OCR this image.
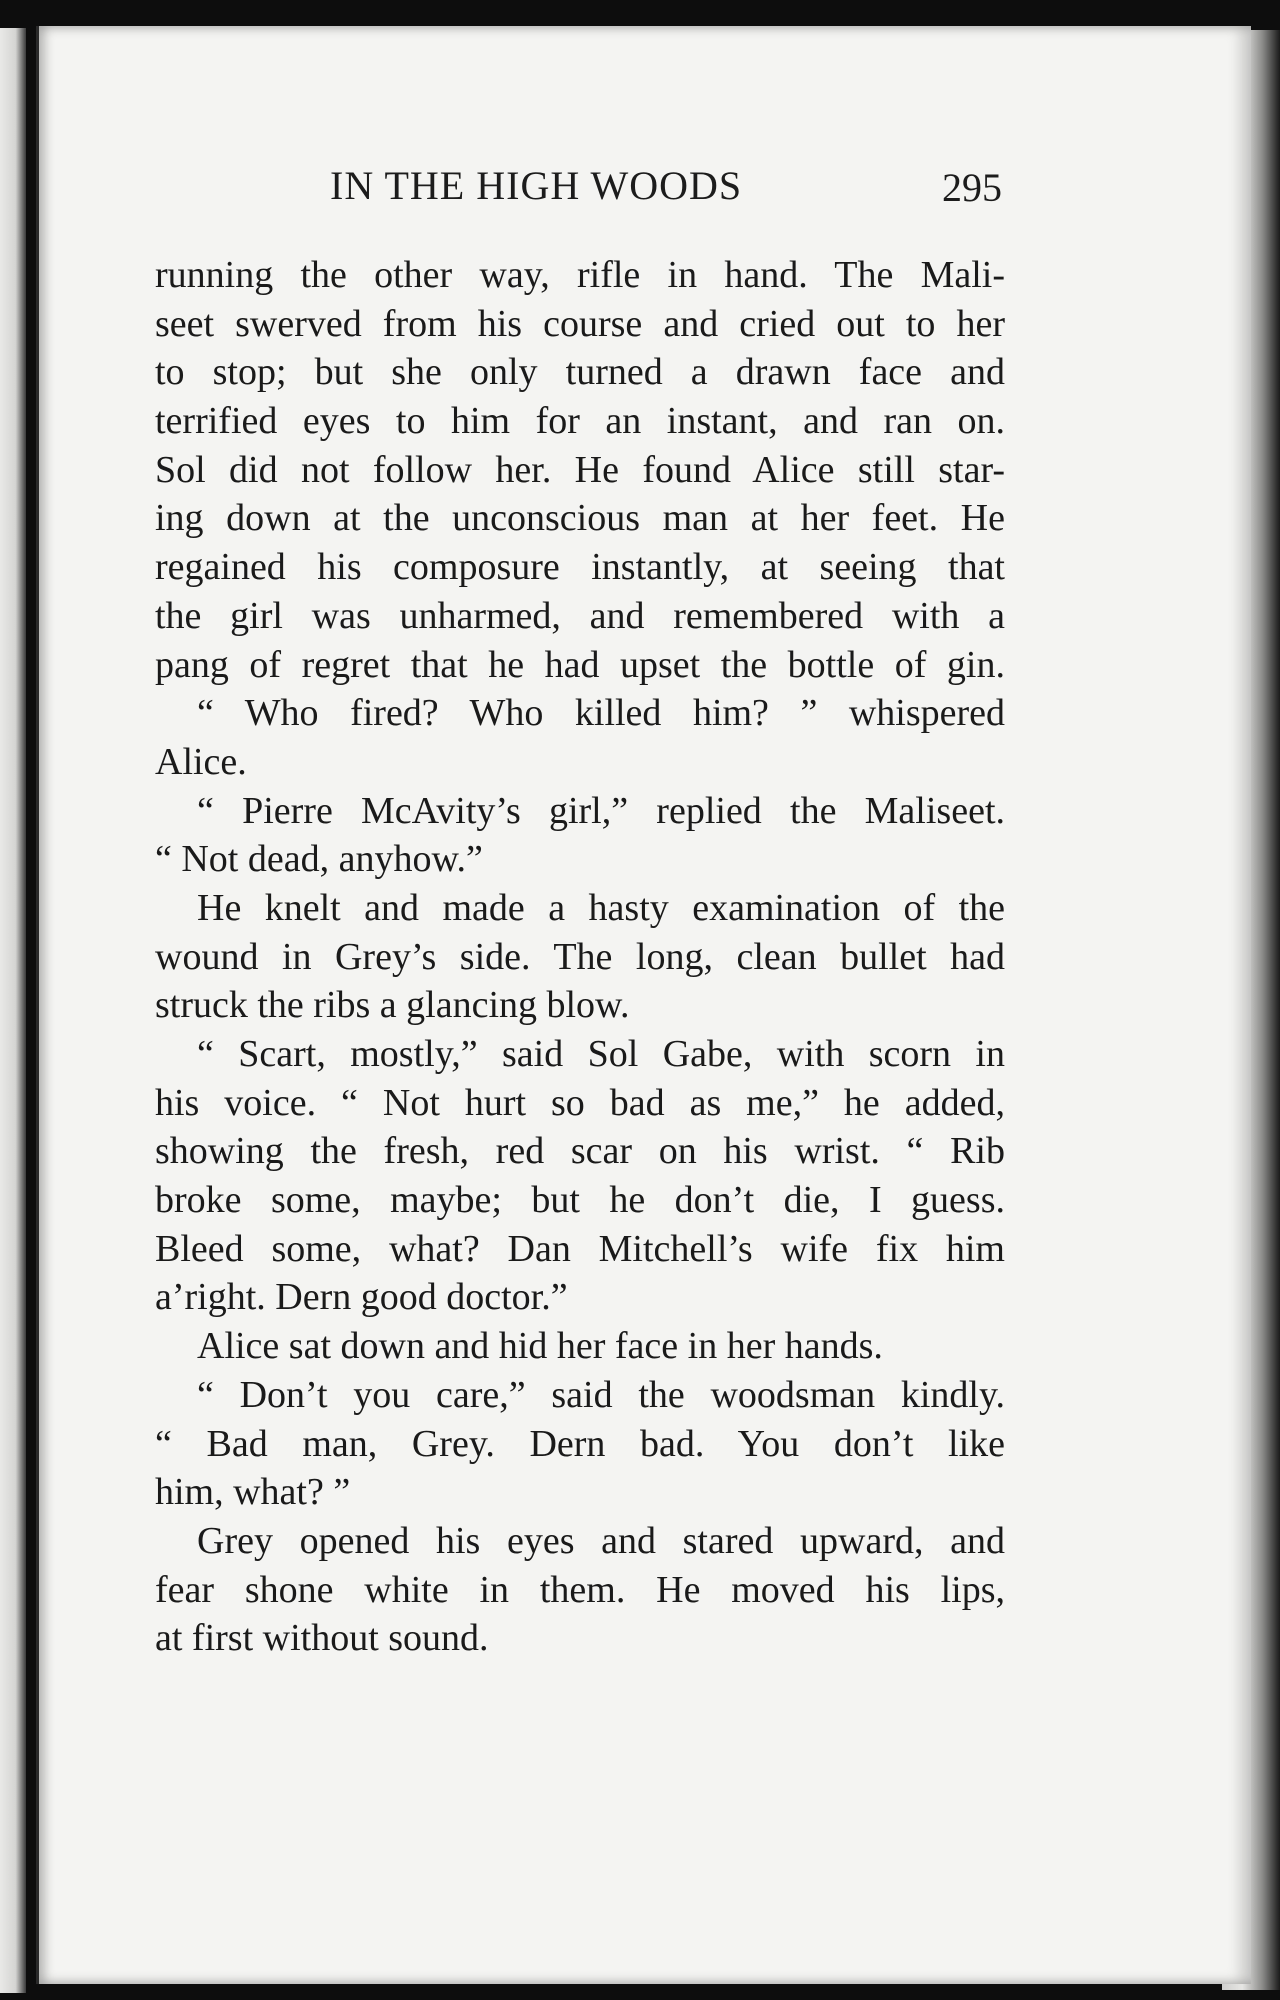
IN THE HIGH WOODS	295
running the other way, rifle in hand. The Mali-
seet swerved from his course and cried out to her
to stop; but she only turned a drawn face and
terrified eyes to him for an instant, and ran on.
Sol did not follow her. He found Alice still star-
ing down at the unconscious man at her feet. He
regained his composure instantly, at seeing that
the girl was unharmed, and remembered with a
pang of regret that he had upset the bottle of gin.
“ Who fired? Who killed him? ” whispered
Alice.
“ Pierre McAvity’s girl,” replied the Maliseet.
“ Not dead, anyhow.”
He knelt and made a hasty examination of the
wound in Grey’s side. The long, clean bullet had
struck the ribs a glancing blow.
“ Scart, mostly,” said Sol Gabe, with scorn in
his voice. “ Not hurt so bad as me,” he added,
showing the fresh, red scar on his wrist. “ Rib
broke some, maybe; but he don’t die, I guess.
Bleed some, what? Dan Mitchell’s wife fix him
a’right. Dern good doctor.”
Alice sat down and hid her face in her hands.
“ Don’t you care,” said the woodsman kindly.
“ Bad man, Grey. Dern bad. You don’t like
him, what? ”
Grey opened his eyes and stared upward, and
fear shone white in them. He moved his lips,
at first without sound.
